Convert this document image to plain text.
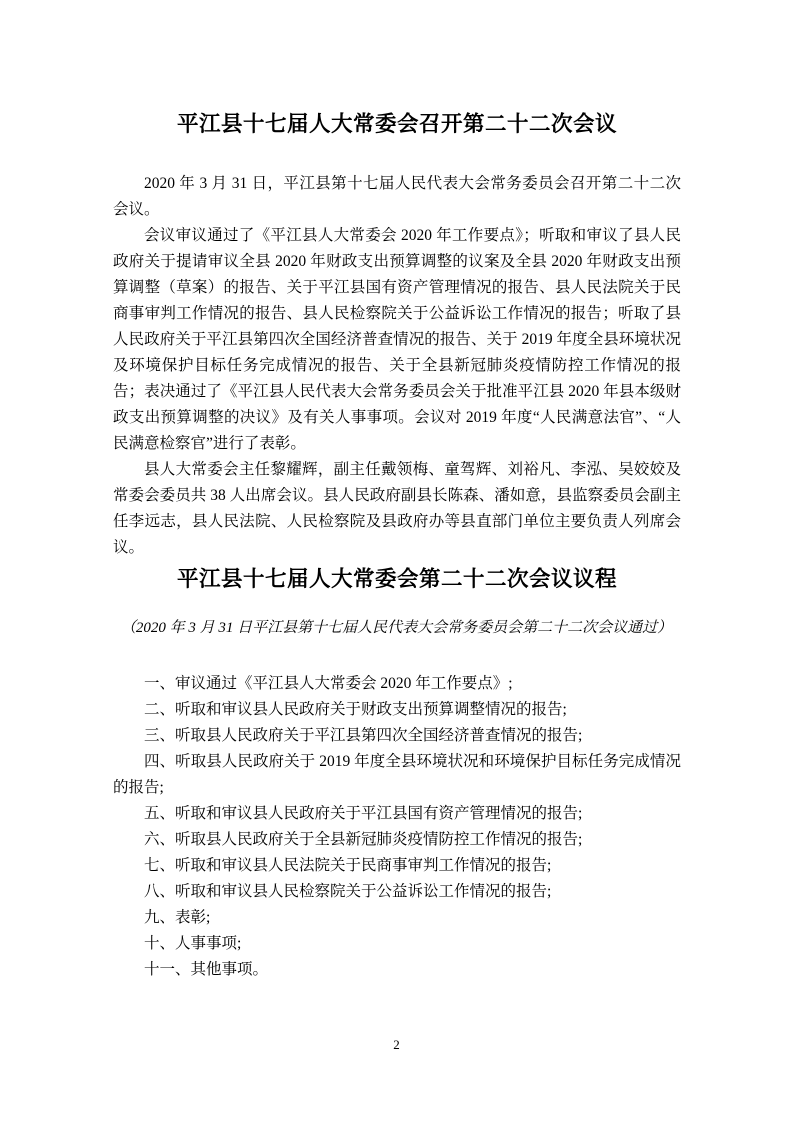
平江县十七届人大常委会召开第二十二次会议

2020 年 3 月 31 日，平江县第十七届人民代表大会常务委员会召开第二十二次会议。

会议审议通过了《平江县人大常委会 2020 年工作要点》；听取和审议了县人民政府关于提请审议全县 2020 年财政支出预算调整的议案及全县 2020 年财政支出预算调整（草案）的报告、关于平江县国有资产管理情况的报告、县人民法院关于民商事审判工作情况的报告、县人民检察院关于公益诉讼工作情况的报告；听取了县人民政府关于平江县第四次全国经济普查情况的报告、关于 2019 年度全县环境状况及环境保护目标任务完成情况的报告、关于全县新冠肺炎疫情防控工作情况的报告；表决通过了《平江县人民代表大会常务委员会关于批准平江县 2020 年县本级财政支出预算调整的决议》及有关人事事项。会议对 2019 年度“人民满意法官”、“人民满意检察官”进行了表彰。

县人大常委会主任黎耀辉，副主任戴领梅、童驾辉、刘裕凡、李泓、吴姣姣及常委会委员共 38 人出席会议。县人民政府副县长陈森、潘如意，县监察委员会副主任李远志，县人民法院、人民检察院及县政府办等县直部门单位主要负责人列席会议。

平江县十七届人大常委会第二十二次会议议程
（2020 年 3 月 31 日平江县第十七届人民代表大会常务委员会第二十二次会议通过）

一、审议通过《平江县人大常委会 2020 年工作要点》;

二、听取和审议县人民政府关于财政支出预算调整情况的报告;

三、听取县人民政府关于平江县第四次全国经济普查情况的报告;

四、听取县人民政府关于 2019 年度全县环境状况和环境保护目标任务完成情况的报告;

五、听取和审议县人民政府关于平江县国有资产管理情况的报告;

六、听取县人民政府关于全县新冠肺炎疫情防控工作情况的报告;

七、听取和审议县人民法院关于民商事审判工作情况的报告;

八、听取和审议县人民检察院关于公益诉讼工作情况的报告;

九、表彰;

十、人事事项;

十一、其他事项。

2
